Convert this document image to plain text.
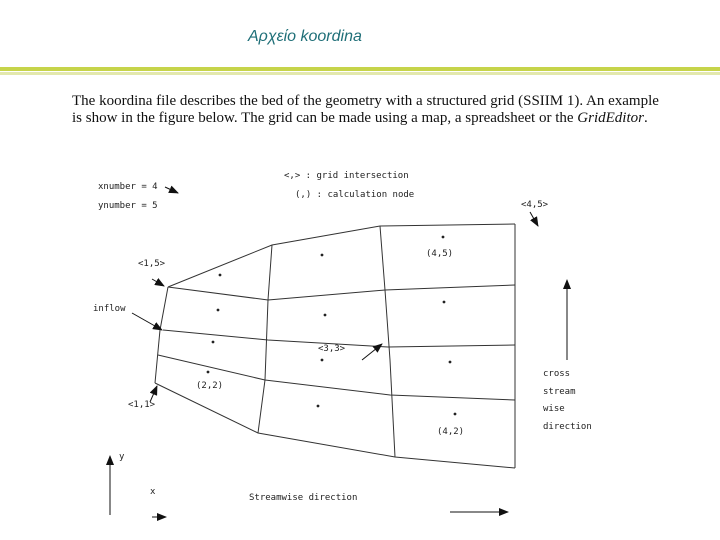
Αρχείο koordina
The koordina file describes the bed of the geometry with a structured grid (SSIIM 1). An example is show in the figure below. The grid can be made using a map, a spreadsheet or the GridEditor.
xnumber = 4
ynumber = 5
<,> : grid intersection
(,) : calculation node
<4,5>
<1,5>
<1,1>
<3,3>
(4,5)
(2,2)
(4,2)
inflow
cross
stream
wise
direction
y
x
Streamwise direction
